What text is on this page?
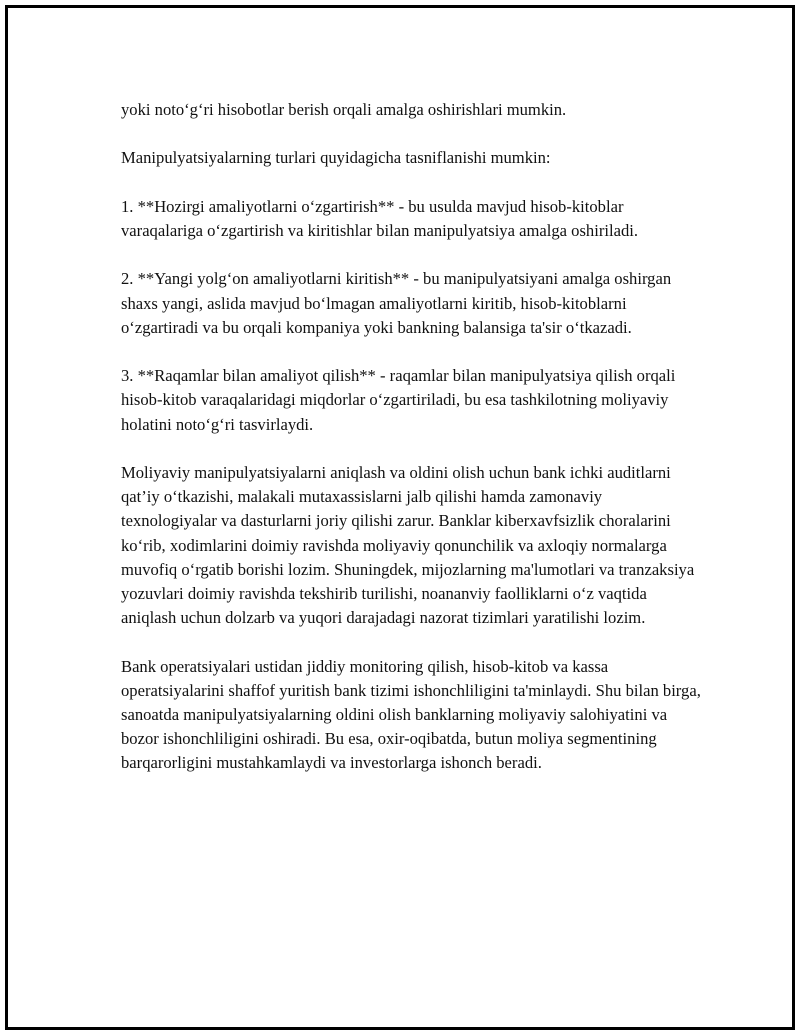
yoki noto‘g‘ri hisobotlar berish orqali amalga oshirishlari mumkin.

Manipulyatsiyalarning turlari quyidagicha tasniflanishi mumkin:

1. **Hozirgi amaliyotlarni o‘zgartirish** - bu usulda mavjud hisob-kitoblar varaqalariga o‘zgartirish va kiritishlar bilan manipulyatsiya amalga oshiriladi.

2. **Yangi yolg‘on amaliyotlarni kiritish** - bu manipulyatsiyani amalga oshirgan shaxs yangi, aslida mavjud bo‘lmagan amaliyotlarni kiritib, hisob-kitoblarni o‘zgartiradi va bu orqali kompaniya yoki bankning balansiga ta'sir o‘tkazadi.

3. **Raqamlar bilan amaliyot qilish** - raqamlar bilan manipulyatsiya qilish orqali hisob-kitob varaqalaridagi miqdorlar o‘zgartiriladi, bu esa tashkilotning moliyaviy holatini noto‘g‘ri tasvirlaydi.

Moliyaviy manipulyatsiyalarni aniqlash va oldini olish uchun bank ichki auditlarni qat’iy o‘tkazishi, malakali mutaxassislarni jalb qilishi hamda zamonaviy texnologiyalar va dasturlarni joriy qilishi zarur. Banklar kiberxavfsizlik choralarini ko‘rib, xodimlarini doimiy ravishda moliyaviy qonunchilik va axloqiy normalarga muvofiq o‘rgatib borishi lozim. Shuningdek, mijozlarning ma'lumotlari va tranzaksiya yozuvlari doimiy ravishda tekshirib turilishi, noananviy faolliklarni o‘z vaqtida aniqlash uchun dolzarb va yuqori darajadagi nazorat tizimlari yaratilishi lozim.

Bank operatsiyalari ustidan jiddiy monitoring qilish, hisob-kitob va kassa operatsiyalarini shaffof yuritish bank tizimi ishonchliligini ta'minlaydi. Shu bilan birga, sanoatda manipulyatsiyalarning oldini olish banklarning moliyaviy salohiyatini va bozor ishonchliligini oshiradi. Bu esa, oxir-oqibatda, butun moliya segmentining barqarorligini mustahkamlaydi va investorlarga ishonch beradi.
